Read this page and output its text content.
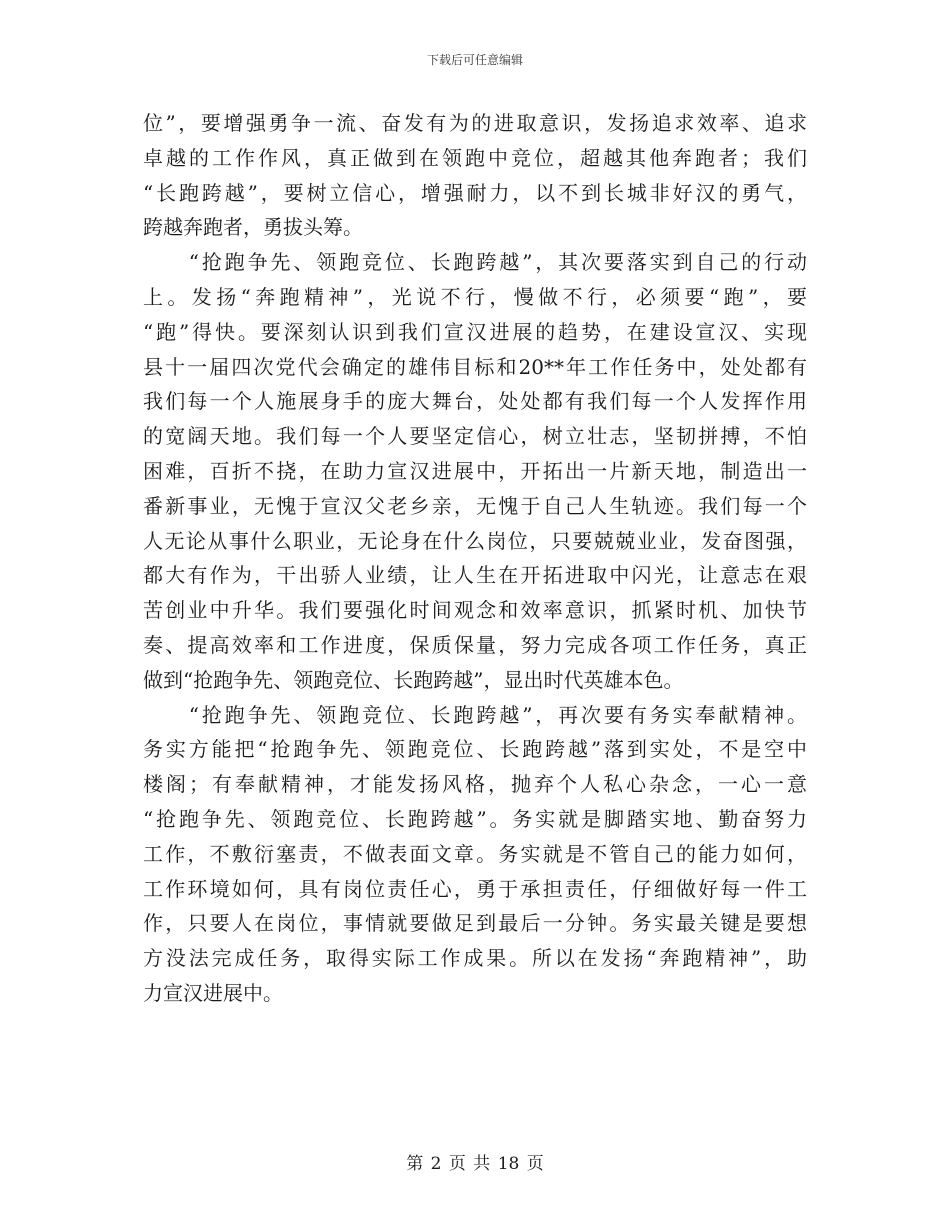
下载后可任意编辑

位”，要增强勇争一流、奋发有为的进取意识，发扬追求效率、追求
卓越的工作作风，真正做到在领跑中竞位，超越其他奔跑者；我们
“长跑跨越”，要树立信心，增强耐力，以不到长城非好汉的勇气，
跨越奔跑者，勇拔头筹。

　　“抢跑争先、领跑竞位、长跑跨越”，其次要落实到自己的行动
上。发扬“奔跑精神”，光说不行，慢做不行，必须要“跑”，要
“跑”得快。要深刻认识到我们宣汉进展的趋势，在建设宣汉、实现
县十一届四次党代会确定的雄伟目标和20**年工作任务中，处处都有
我们每一个人施展身手的庞大舞台，处处都有我们每一个人发挥作用
的宽阔天地。我们每一个人要坚定信心，树立壮志，坚韧拼搏，不怕
困难，百折不挠，在助力宣汉进展中，开拓出一片新天地，制造出一
番新事业，无愧于宣汉父老乡亲，无愧于自己人生轨迹。我们每一个
人无论从事什么职业，无论身在什么岗位，只要兢兢业业，发奋图强，
都大有作为，干出骄人业绩，让人生在开拓进取中闪光，让意志在艰
苦创业中升华。我们要强化时间观念和效率意识，抓紧时机、加快节
奏、提高效率和工作进度，保质保量，努力完成各项工作任务，真正
做到“抢跑争先、领跑竞位、长跑跨越”，显出时代英雄本色。

　　“抢跑争先、领跑竞位、长跑跨越”，再次要有务实奉献精神。
务实方能把“抢跑争先、领跑竞位、长跑跨越”落到实处，不是空中
楼阁；有奉献精神，才能发扬风格，抛弃个人私心杂念，一心一意
“抢跑争先、领跑竞位、长跑跨越”。务实就是脚踏实地、勤奋努力
工作，不敷衍塞责，不做表面文章。务实就是不管自己的能力如何，
工作环境如何，具有岗位责任心，勇于承担责任，仔细做好每一件工
作，只要人在岗位，事情就要做足到最后一分钟。务实最关键是要想
方没法完成任务，取得实际工作成果。所以在发扬“奔跑精神”，助
力宣汉进展中。

第 2 页 共 18 页
